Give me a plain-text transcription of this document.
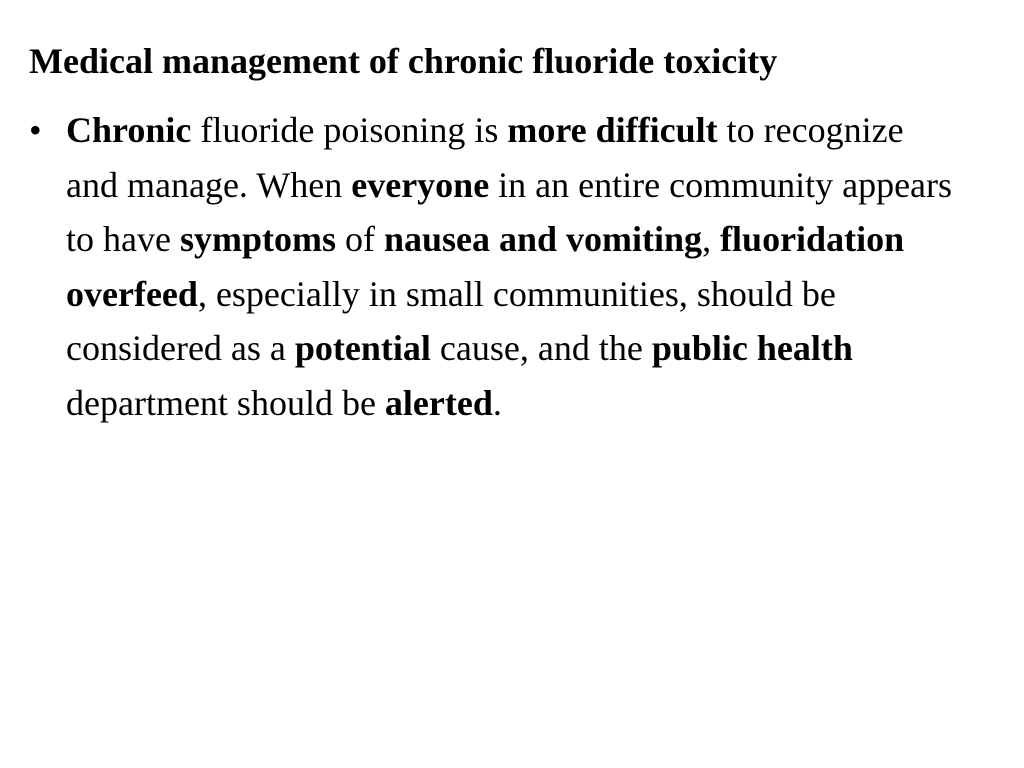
Medical management of chronic fluoride toxicity
• Chronic fluoride poisoning is more difficult to recognize and manage. When everyone in an entire community appears to have symptoms of nausea and vomiting, fluoridation overfeed, especially in small communities, should be considered as a potential cause, and the public health department should be alerted.
